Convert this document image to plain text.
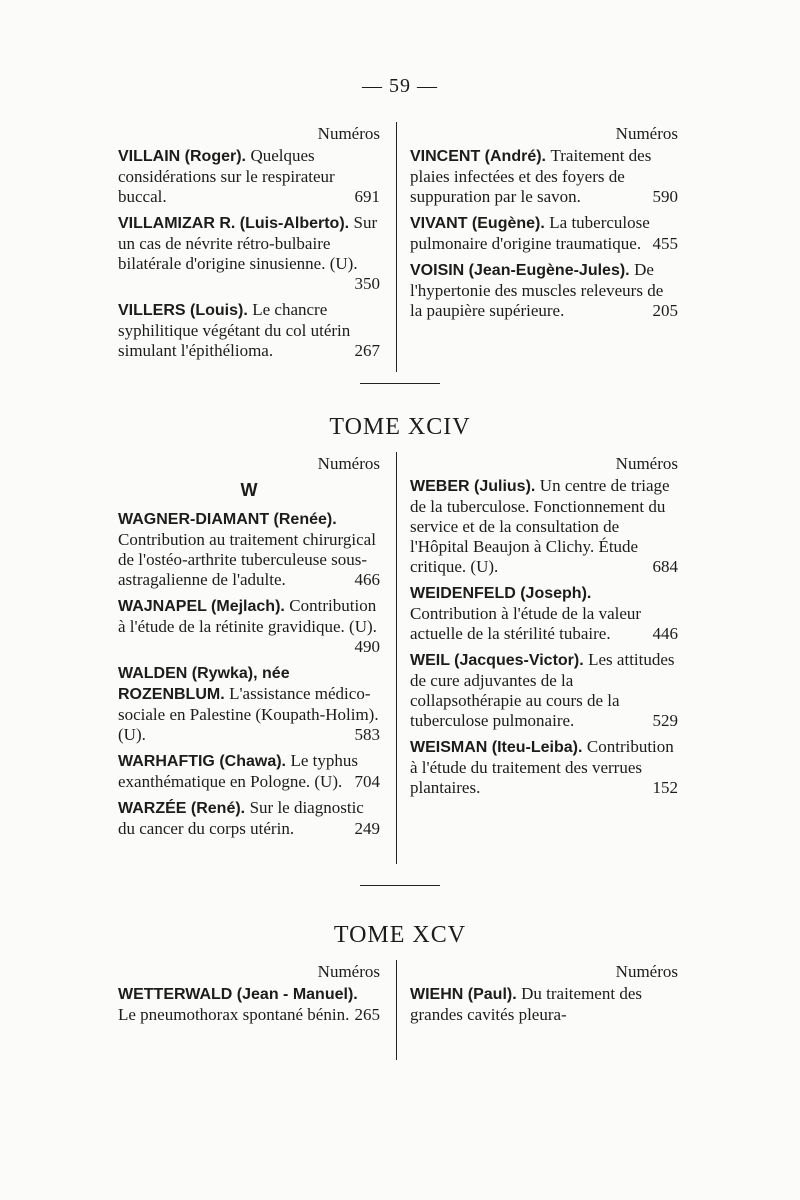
— 59 —
Numéros
VILLAIN (Roger). Quelques considérations sur le respirateur buccal.	691
VILLAMIZAR R. (Luis-Alberto). Sur un cas de névrite rétro-bulbaire bilatérale d'origine sinusienne. (U).
350
VILLERS (Louis). Le chancre syphilitique végétant du col utérin simulant l'épithélioma.	267
Numéros
VINCENT (André). Traitement des plaies infectées et des foyers de suppuration par le savon.	590
VIVANT (Eugène). La tuberculose pulmonaire d'origine traumatique. 455
VOISIN (Jean-Eugène-Jules). De l'hypertonie des muscles releveurs de la paupière supérieure.	205
TOME XCIV
Numéros
W
WAGNER-DIAMANT (Renée).Contribution au traitement chirurgical de l'ostéo-arthrite tuberculeuse sous-astragalienne de l'adulte.	466
WAJNAPEL (Mejlach). Contribution à l'étude de la rétinite gravidique. (U).
490
WALDEN (Rywka), née ROZENBLUM. L'assistance médico-sociale en Palestine (Koupath-Holim). (U).	583
WARHAFTIG (Chawa). Le typhus exanthématique en Pologne. (U). 704
WARZÉE (René). Sur le diagnostic du cancer du corps utérin.	249
Numéros
WEBER (Julius). Un centre de triage de la tuberculose. Fonctionnement du service et de la consultation de l'Hôpital Beaujon à Clichy. Étude critique. (U).	684
WEIDENFELD (Joseph).Contribution à l'étude de la valeur actuelle de la stérilité tubaire. 446
WEIL (Jacques-Victor). Les attitudes de cure adjuvantes de la collapsothérapie au cours de la tuberculose pulmonaire.	529
WEISMAN (Iteu-Leiba). Contribution à l'étude du traitement des verrues plantaires.	152
TOME XCV
Numéros
WETTERWALD (Jean - Manuel).Le pneumothorax spontané bénin. 265
Numéros
WIEHN (Paul). Du traitement des grandes cavités pleura-
